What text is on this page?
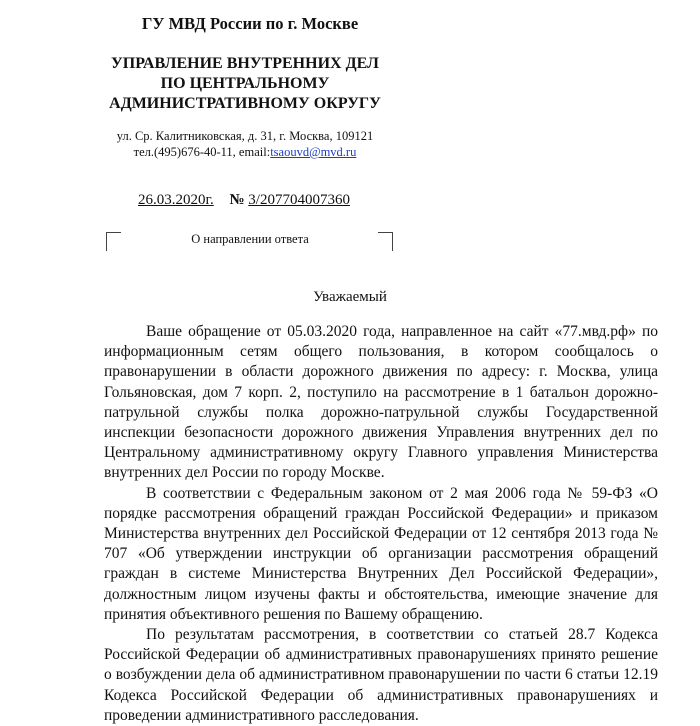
ГУ МВД России по г. Москве
УПРАВЛЕНИЕ ВНУТРЕННИХ ДЕЛ
ПО ЦЕНТРАЛЬНОМУ
АДМИНИСТРАТИВНОМУ ОКРУГУ
ул. Ср. Калитниковская, д. 31, г. Москва, 109121
тел.(495)676-40-11, email:tsaouvd@mvd.ru
26.03.2020г. № 3/207704007360
О направлении ответа
Уважаемый

Ваше обращение от 05.03.2020 года, направленное на сайт «77.мвд.рф» по информационным сетям общего пользования, в котором сообщалось о правонарушении в области дорожного движения по адресу: г. Москва, улица Гольяновская, дом 7 корп. 2, поступило на рассмотрение в 1 батальон дорожно-патрульной службы полка дорожно-патрульной службы Государственной инспекции безопасности дорожного движения Управления внутренних дел по Центральному административному округу Главного управления Министерства внутренних дел России по городу Москве.

В соответствии с Федеральным законом от 2 мая 2006 года № 59-ФЗ «О порядке рассмотрения обращений граждан Российской Федерации» и приказом Министерства внутренних дел Российской Федерации от 12 сентября 2013 года № 707 «Об утверждении инструкции об организации рассмотрения обращений граждан в системе Министерства Внутренних Дел Российской Федерации», должностным лицом изучены факты и обстоятельства, имеющие значение для принятия объективного решения по Вашему обращению.

По результатам рассмотрения, в соответствии со статьей 28.7 Кодекса Российской Федерации об административных правонарушениях принято решение о возбуждении дела об административном правонарушении по части 6 статьи 12.19 Кодекса Российской Федерации об административных правонарушениях и проведении административного расследования.
